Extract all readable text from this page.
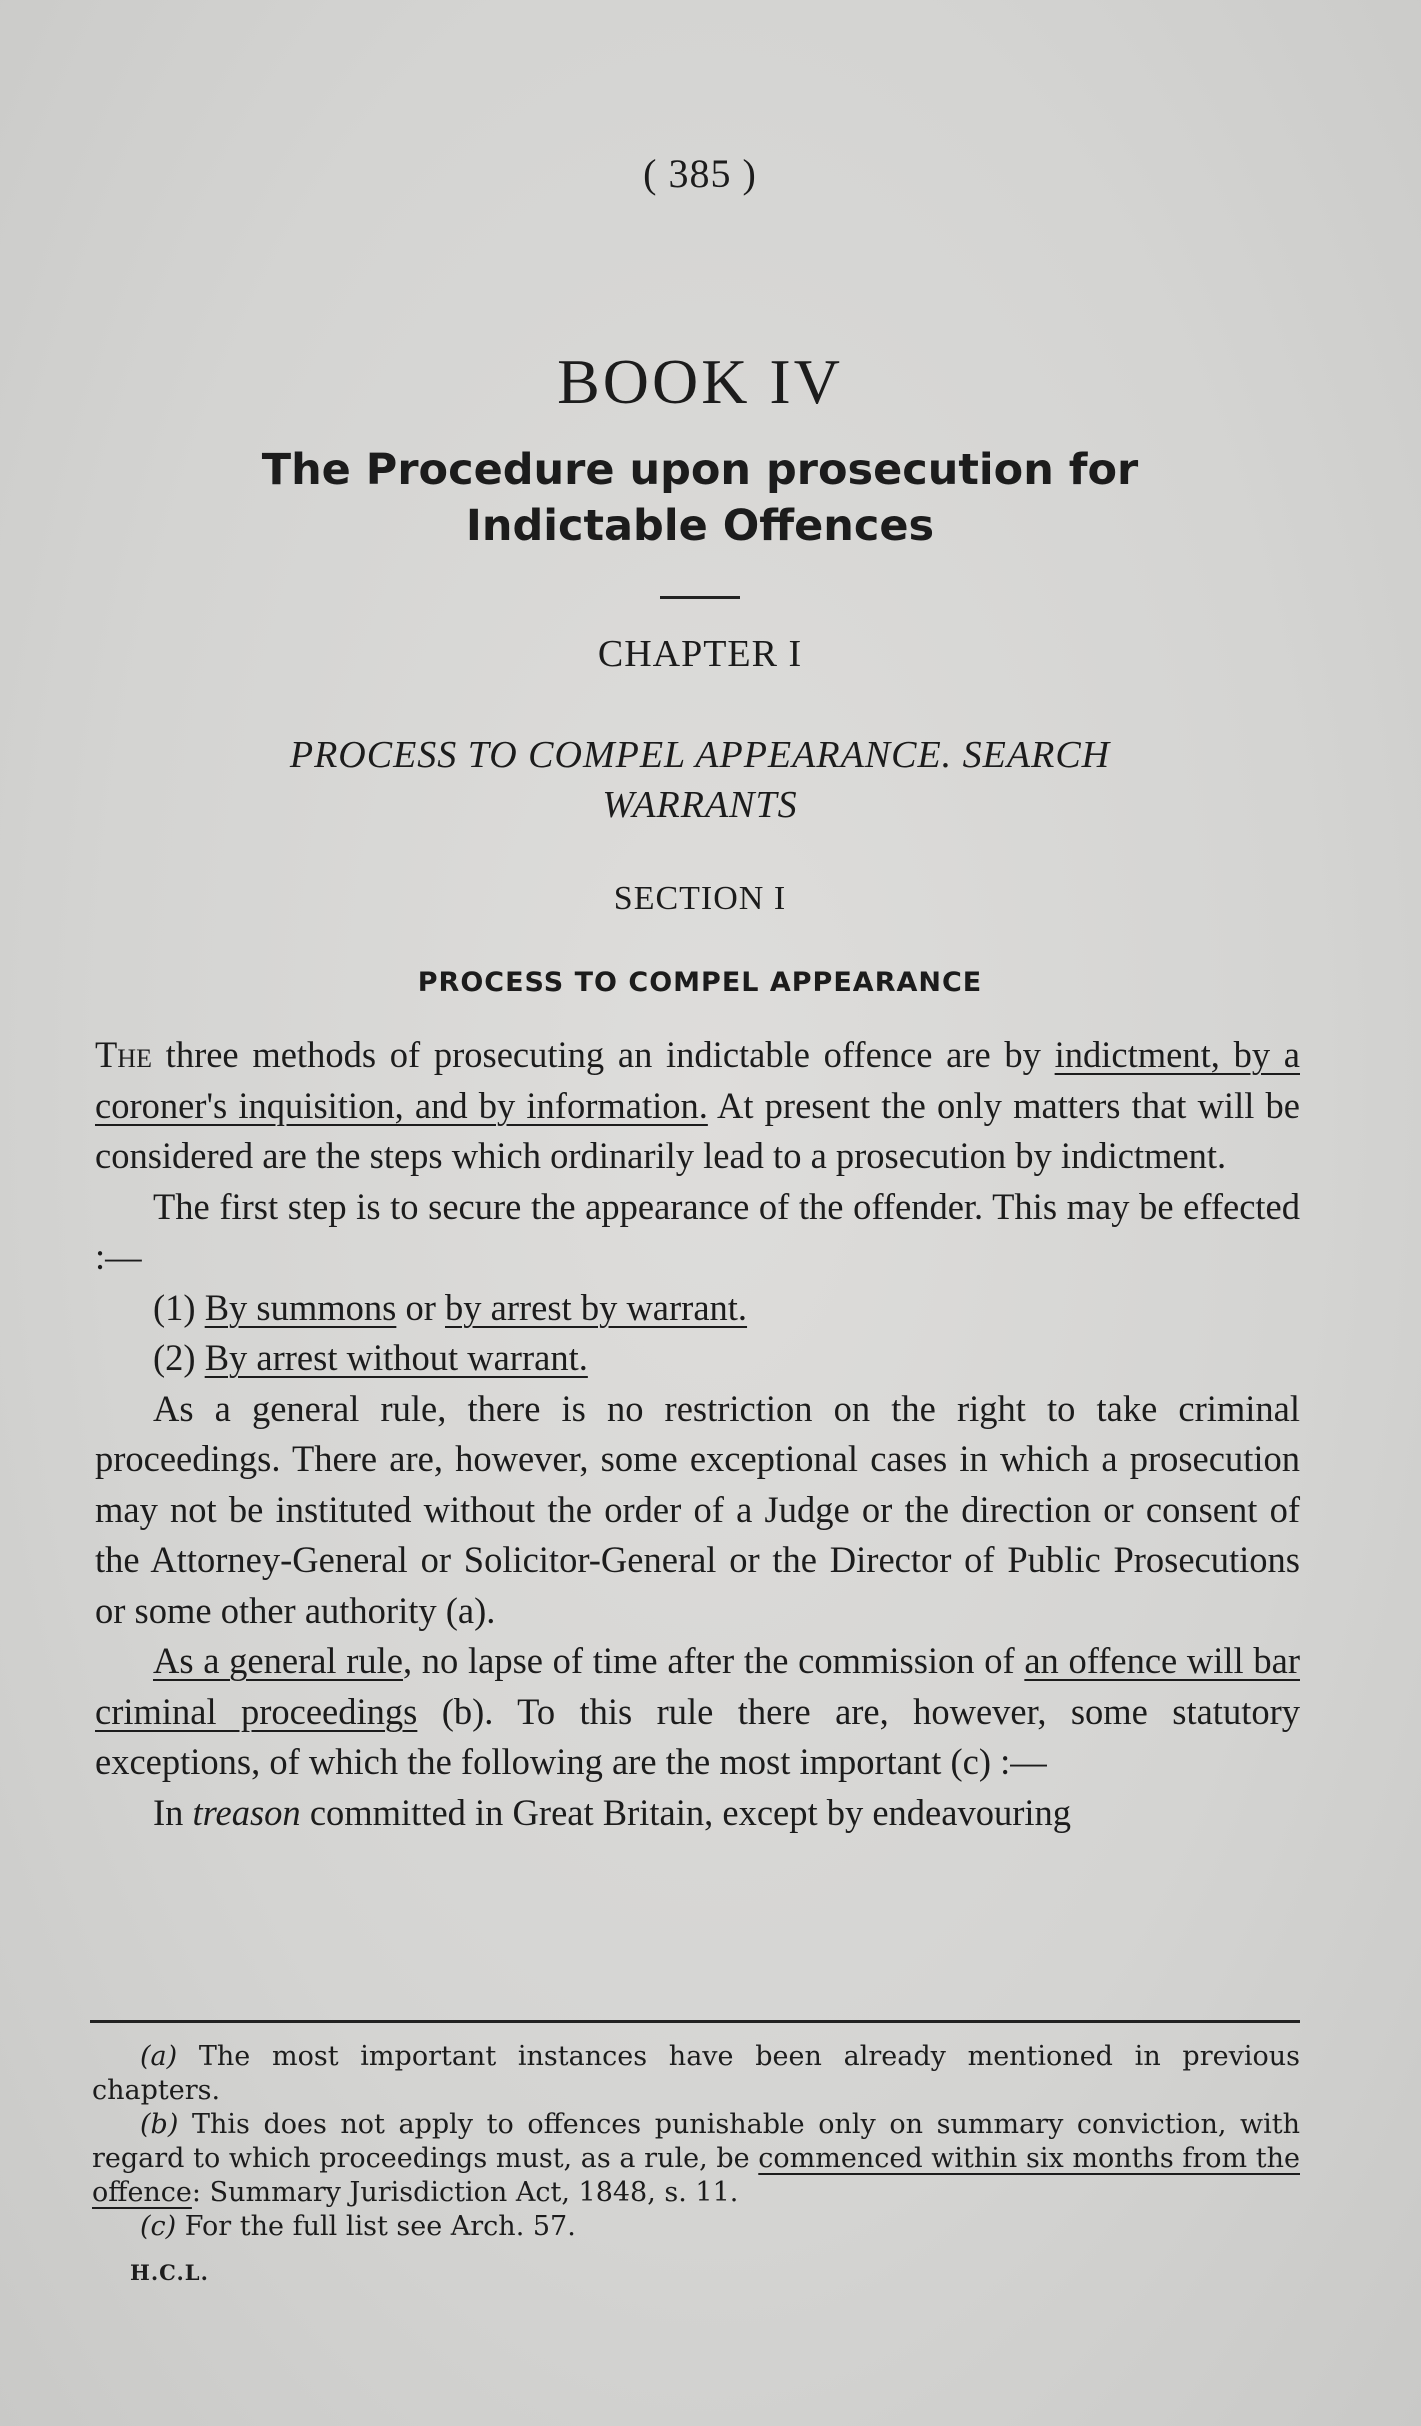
( 385 )
BOOK IV
The Procedure upon prosecution for
Indictable Offences
CHAPTER I
PROCESS TO COMPEL APPEARANCE. SEARCH
WARRANTS
SECTION I
PROCESS TO COMPEL APPEARANCE

The three methods of prosecuting an indictable offence are by indictment, by a coroner's inquisition, and by information. At present the only matters that will be considered are the steps which ordinarily lead to a prosecution by indictment.

The first step is to secure the appearance of the offender. This may be effected :—

(1) By summons or by arrest by warrant.

(2) By arrest without warrant.

As a general rule, there is no restriction on the right to take criminal proceedings. There are, however, some exceptional cases in which a prosecution may not be instituted without the order of a Judge or the direction or consent of the Attorney-General or Solicitor-General or the Director of Public Prosecutions or some other authority (a).

As a general rule, no lapse of time after the commission of an offence will bar criminal proceedings (b). To this rule there are, however, some statutory exceptions, of which the following are the most important (c) :—

In treason committed in Great Britain, except by endeavouring

(a) The most important instances have been already mentioned in previous chapters.

(b) This does not apply to offences punishable only on summary conviction, with regard to which proceedings must, as a rule, be commenced within six months from the offence: Summary Jurisdiction Act, 1848, s. 11.

(c) For the full list see Arch. 57.

H.C.L.
